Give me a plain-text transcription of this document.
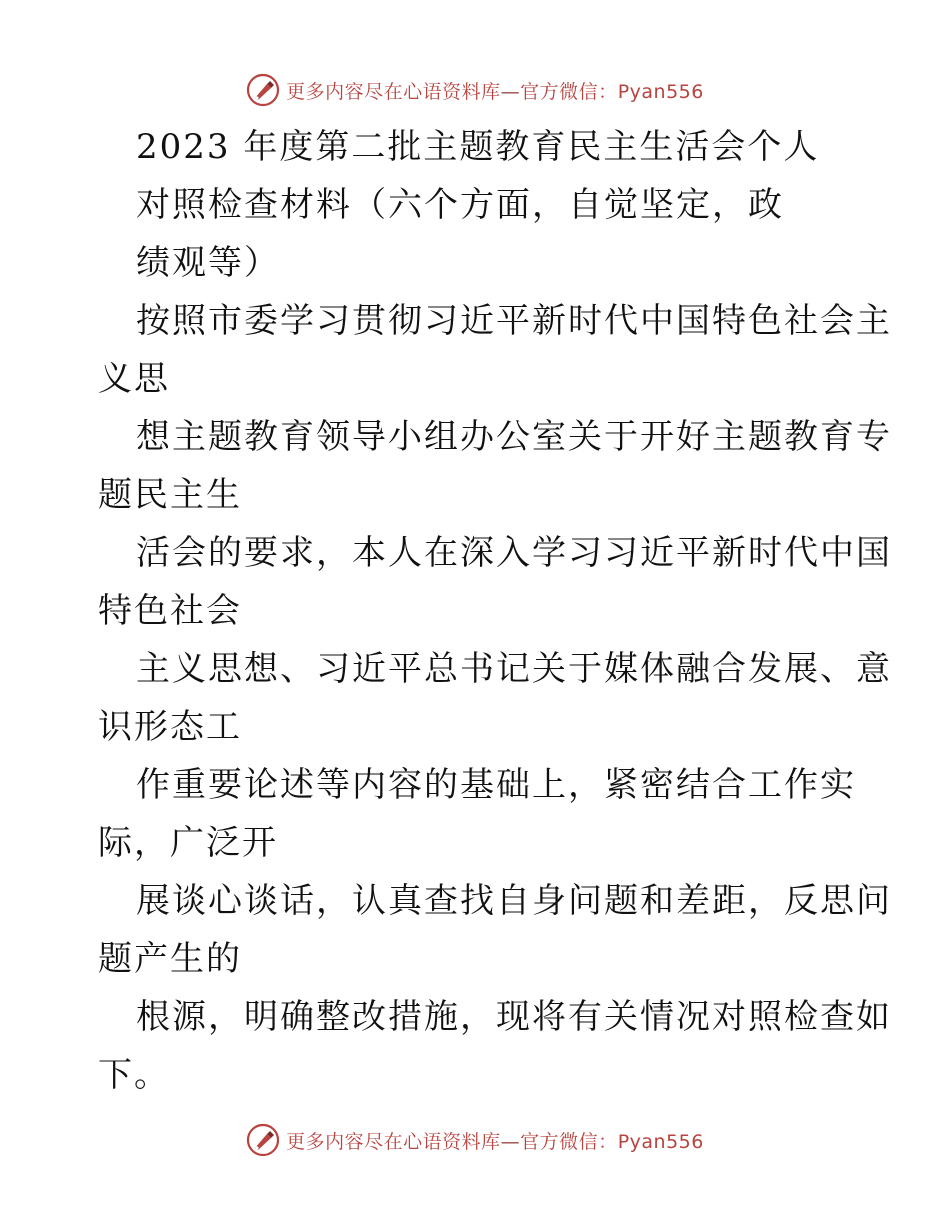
更多内容尽在心语资料库—官方微信：Pyan556
2023 年度第二批主题教育民主生活会个人
对照检查材料（六个方面，自觉坚定，政
绩观等）
按照市委学习贯彻习近平新时代中国特色社会主
义思
想主题教育领导小组办公室关于开好主题教育专
题民主生
活会的要求，本人在深入学习习近平新时代中国
特色社会
主义思想、习近平总书记关于媒体融合发展、意
识形态工
作重要论述等内容的基础上，紧密结合工作实
际，广泛开
展谈心谈话，认真查找自身问题和差距，反思问
题产生的
根源，明确整改措施，现将有关情况对照检查如
下。
更多内容尽在心语资料库—官方微信：Pyan556
